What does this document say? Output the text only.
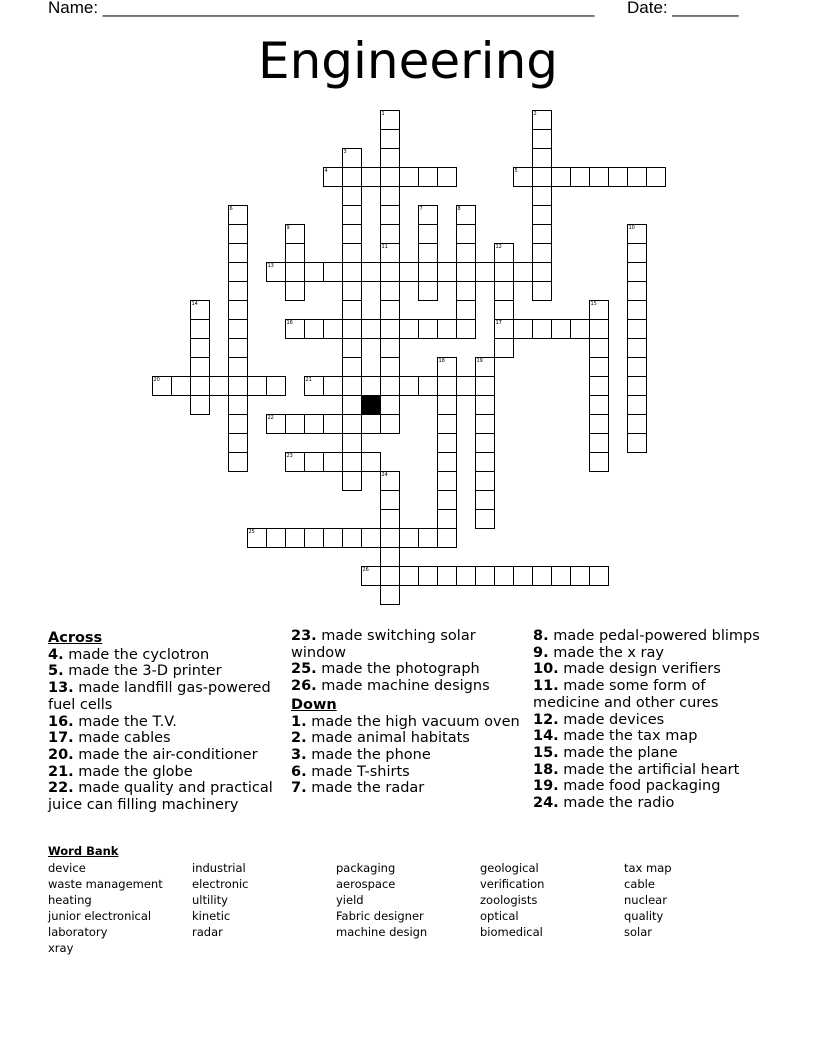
Name: ____________________________________________________ Date: _______
Engineering
1
11
2
3
4	5
6	7	8
9	10
12
17
13
14	15
16
18	19
20	21
22
23
24
25
26
Across
4. made the cyclotron
5. made the 3-D printer
13. made landfill gas-powered fuel cells
16. made the T.V.
17. made cables
20. made the air-conditioner
21. made the globe
22. made quality and practical juice can filling machinery
23. made switching solar window
25. made the photograph
26. made machine designs
Down
1. made the high vacuum oven
2. made animal habitats
3. made the phone
6. made T-shirts
7. made the radar
8. made pedal-powered blimps
9. made the x ray
10. made design verifiers
11. made some form of medicine and other cures
12. made devices
14. made the tax map
15. made the plane
18. made the artificial heart
19. made food packaging
24. made the radio
Word Bank
device
waste management
heating
junior electronical
laboratory
xray
industrial
electronic
ultility
kinetic
radar
packaging
aerospace
yield
Fabric designer
machine design
geological
verification
zoologists
optical
biomedical
tax map
cable
nuclear
quality
solar
